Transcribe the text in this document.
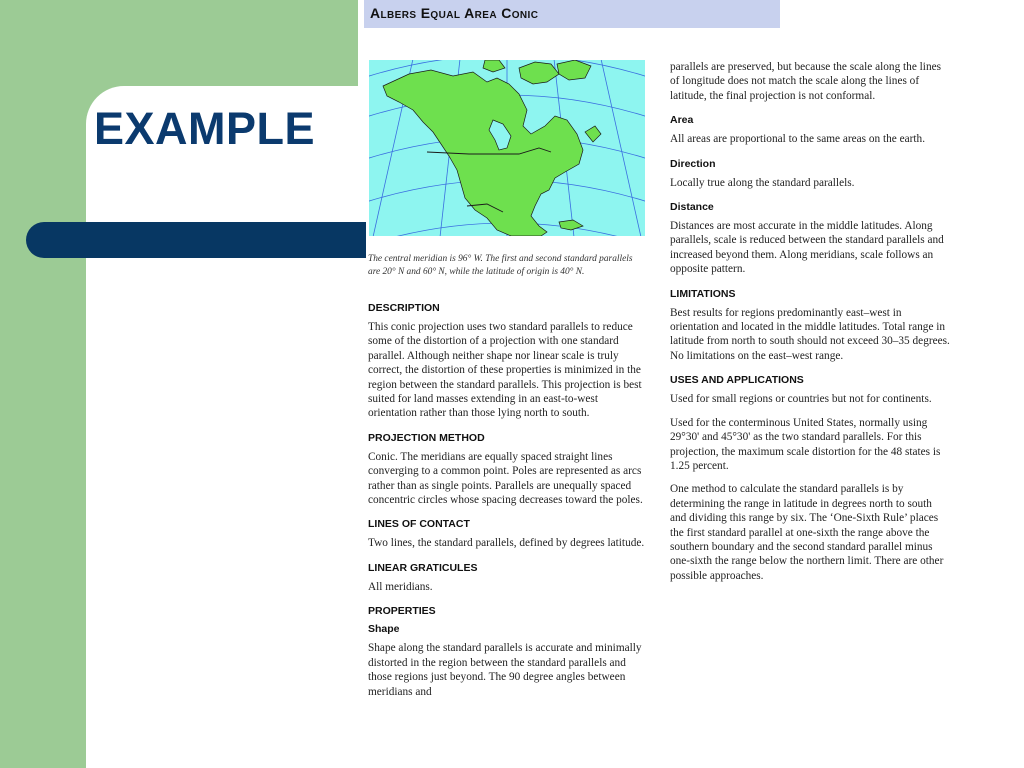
EXAMPLE
Albers Equal Area Conic

The central meridian is 96° W. The first and second standard parallels are 20° N and 60° N, while the latitude of origin is 40° N.

DESCRIPTION

This conic projection uses two standard parallels to reduce some of the distortion of a projection with one standard parallel. Although neither shape nor linear scale is truly correct, the distortion of these properties is minimized in the region between the standard parallels. This projection is best suited for land masses extending in an east-to-west orientation rather than those lying north to south.

PROJECTION METHOD

Conic. The meridians are equally spaced straight lines converging to a common point. Poles are represented as arcs rather than as single points. Parallels are unequally spaced concentric circles whose spacing decreases toward the poles.

LINES OF CONTACT

Two lines, the standard parallels, defined by degrees latitude.

LINEAR GRATICULES

All meridians.

PROPERTIES
Shape

Shape along the standard parallels is accurate and minimally distorted in the region between the standard parallels and those regions just beyond. The 90 degree angles between meridians and

parallels are preserved, but because the scale along the lines of longitude does not match the scale along the lines of latitude, the final projection is not conformal.

Area

All areas are proportional to the same areas on the earth.

Direction

Locally true along the standard parallels.

Distance

Distances are most accurate in the middle latitudes. Along parallels, scale is reduced between the standard parallels and increased beyond them. Along meridians, scale follows an opposite pattern.

LIMITATIONS

Best results for regions predominantly east–west in orientation and located in the middle latitudes. Total range in latitude from north to south should not exceed 30–35 degrees. No limitations on the east–west range.

USES AND APPLICATIONS

Used for small regions or countries but not for continents.

Used for the conterminous United States, normally using 29°30' and 45°30' as the two standard parallels. For this projection, the maximum scale distortion for the 48 states is 1.25 percent.

One method to calculate the standard parallels is by determining the range in latitude in degrees north to south and dividing this range by six. The ‘One-Sixth Rule’ places the first standard parallel at one-sixth the range above the southern boundary and the second standard parallel minus one-sixth the range below the northern limit. There are other possible approaches.
